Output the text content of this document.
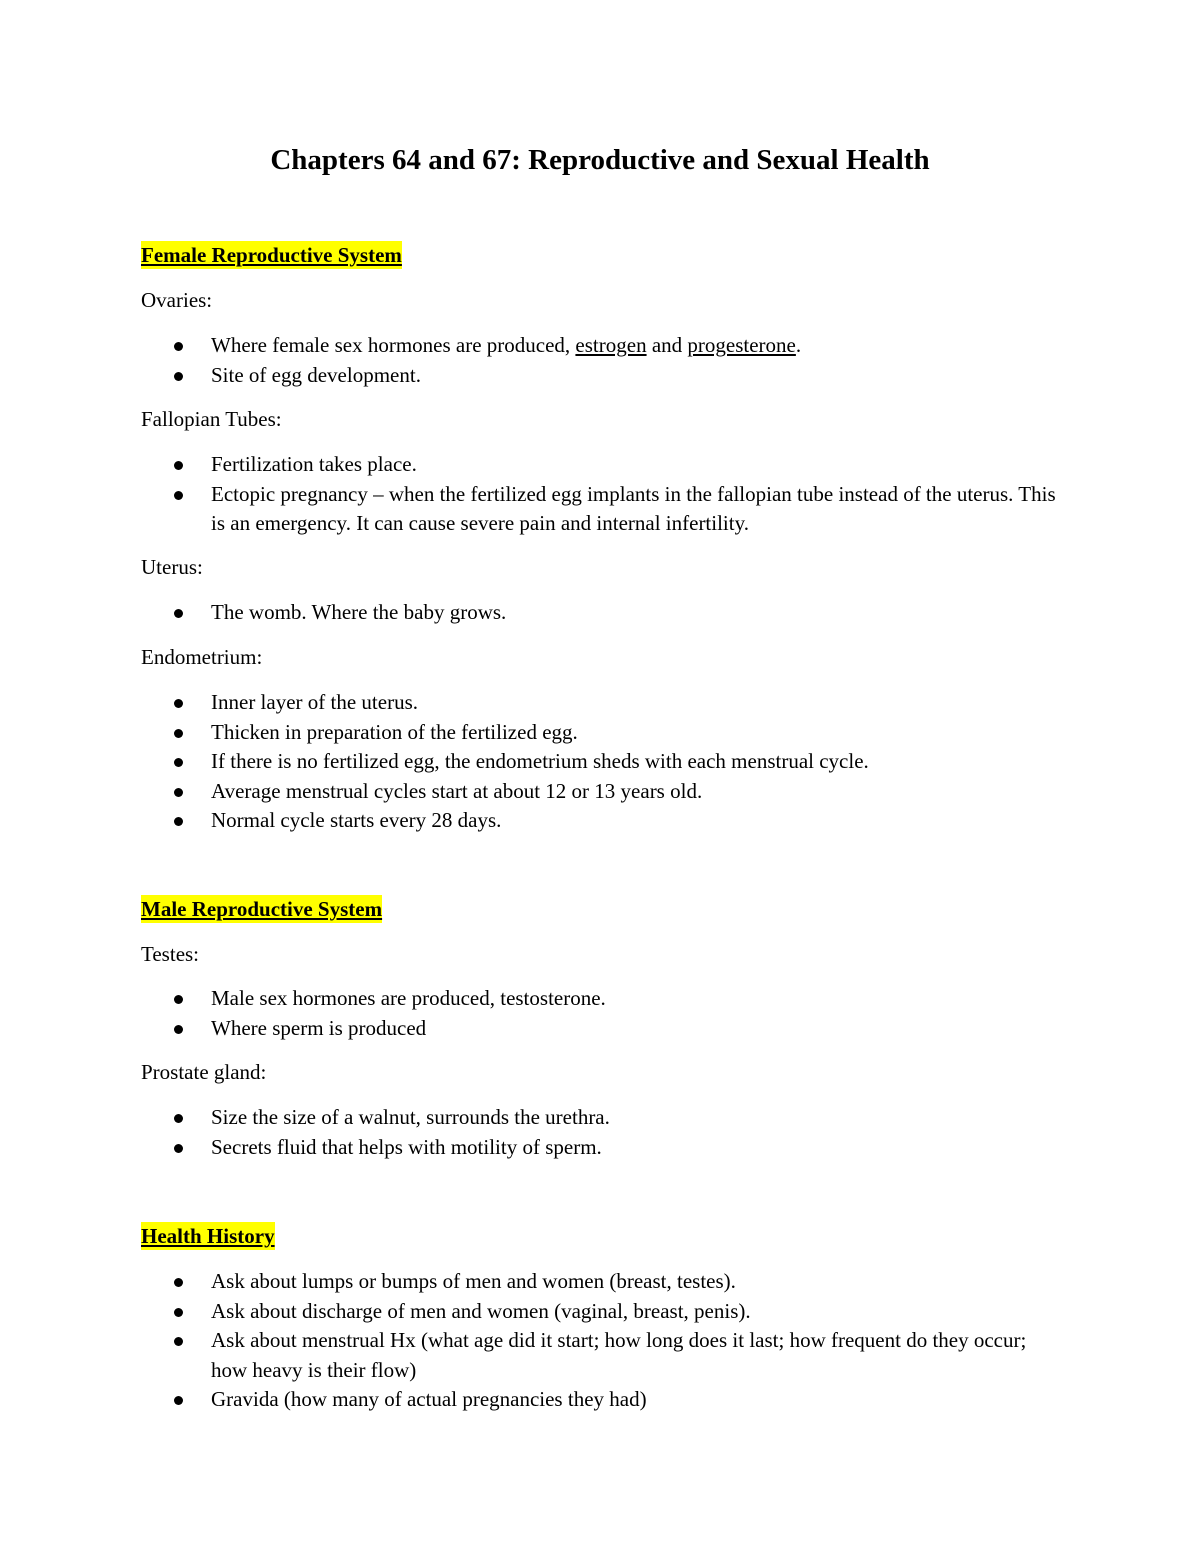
Chapters 64 and 67: Reproductive and Sexual Health
Female Reproductive System
Ovaries:
Where female sex hormones are produced, estrogen and progesterone.
Site of egg development.
Fallopian Tubes:
Fertilization takes place.
Ectopic pregnancy – when the fertilized egg implants in the fallopian tube instead of the uterus. This is an emergency. It can cause severe pain and internal infertility.
Uterus:
The womb. Where the baby grows.
Endometrium:
Inner layer of the uterus.
Thicken in preparation of the fertilized egg.
If there is no fertilized egg, the endometrium sheds with each menstrual cycle.
Average menstrual cycles start at about 12 or 13 years old.
Normal cycle starts every 28 days.
Male Reproductive System
Testes:
Male sex hormones are produced, testosterone.
Where sperm is produced
Prostate gland:
Size the size of a walnut, surrounds the urethra.
Secrets fluid that helps with motility of sperm.
Health History
Ask about lumps or bumps of men and women (breast, testes).
Ask about discharge of men and women (vaginal, breast, penis).
Ask about menstrual Hx (what age did it start; how long does it last; how frequent do they occur; how heavy is their flow)
Gravida (how many of actual pregnancies they had)
